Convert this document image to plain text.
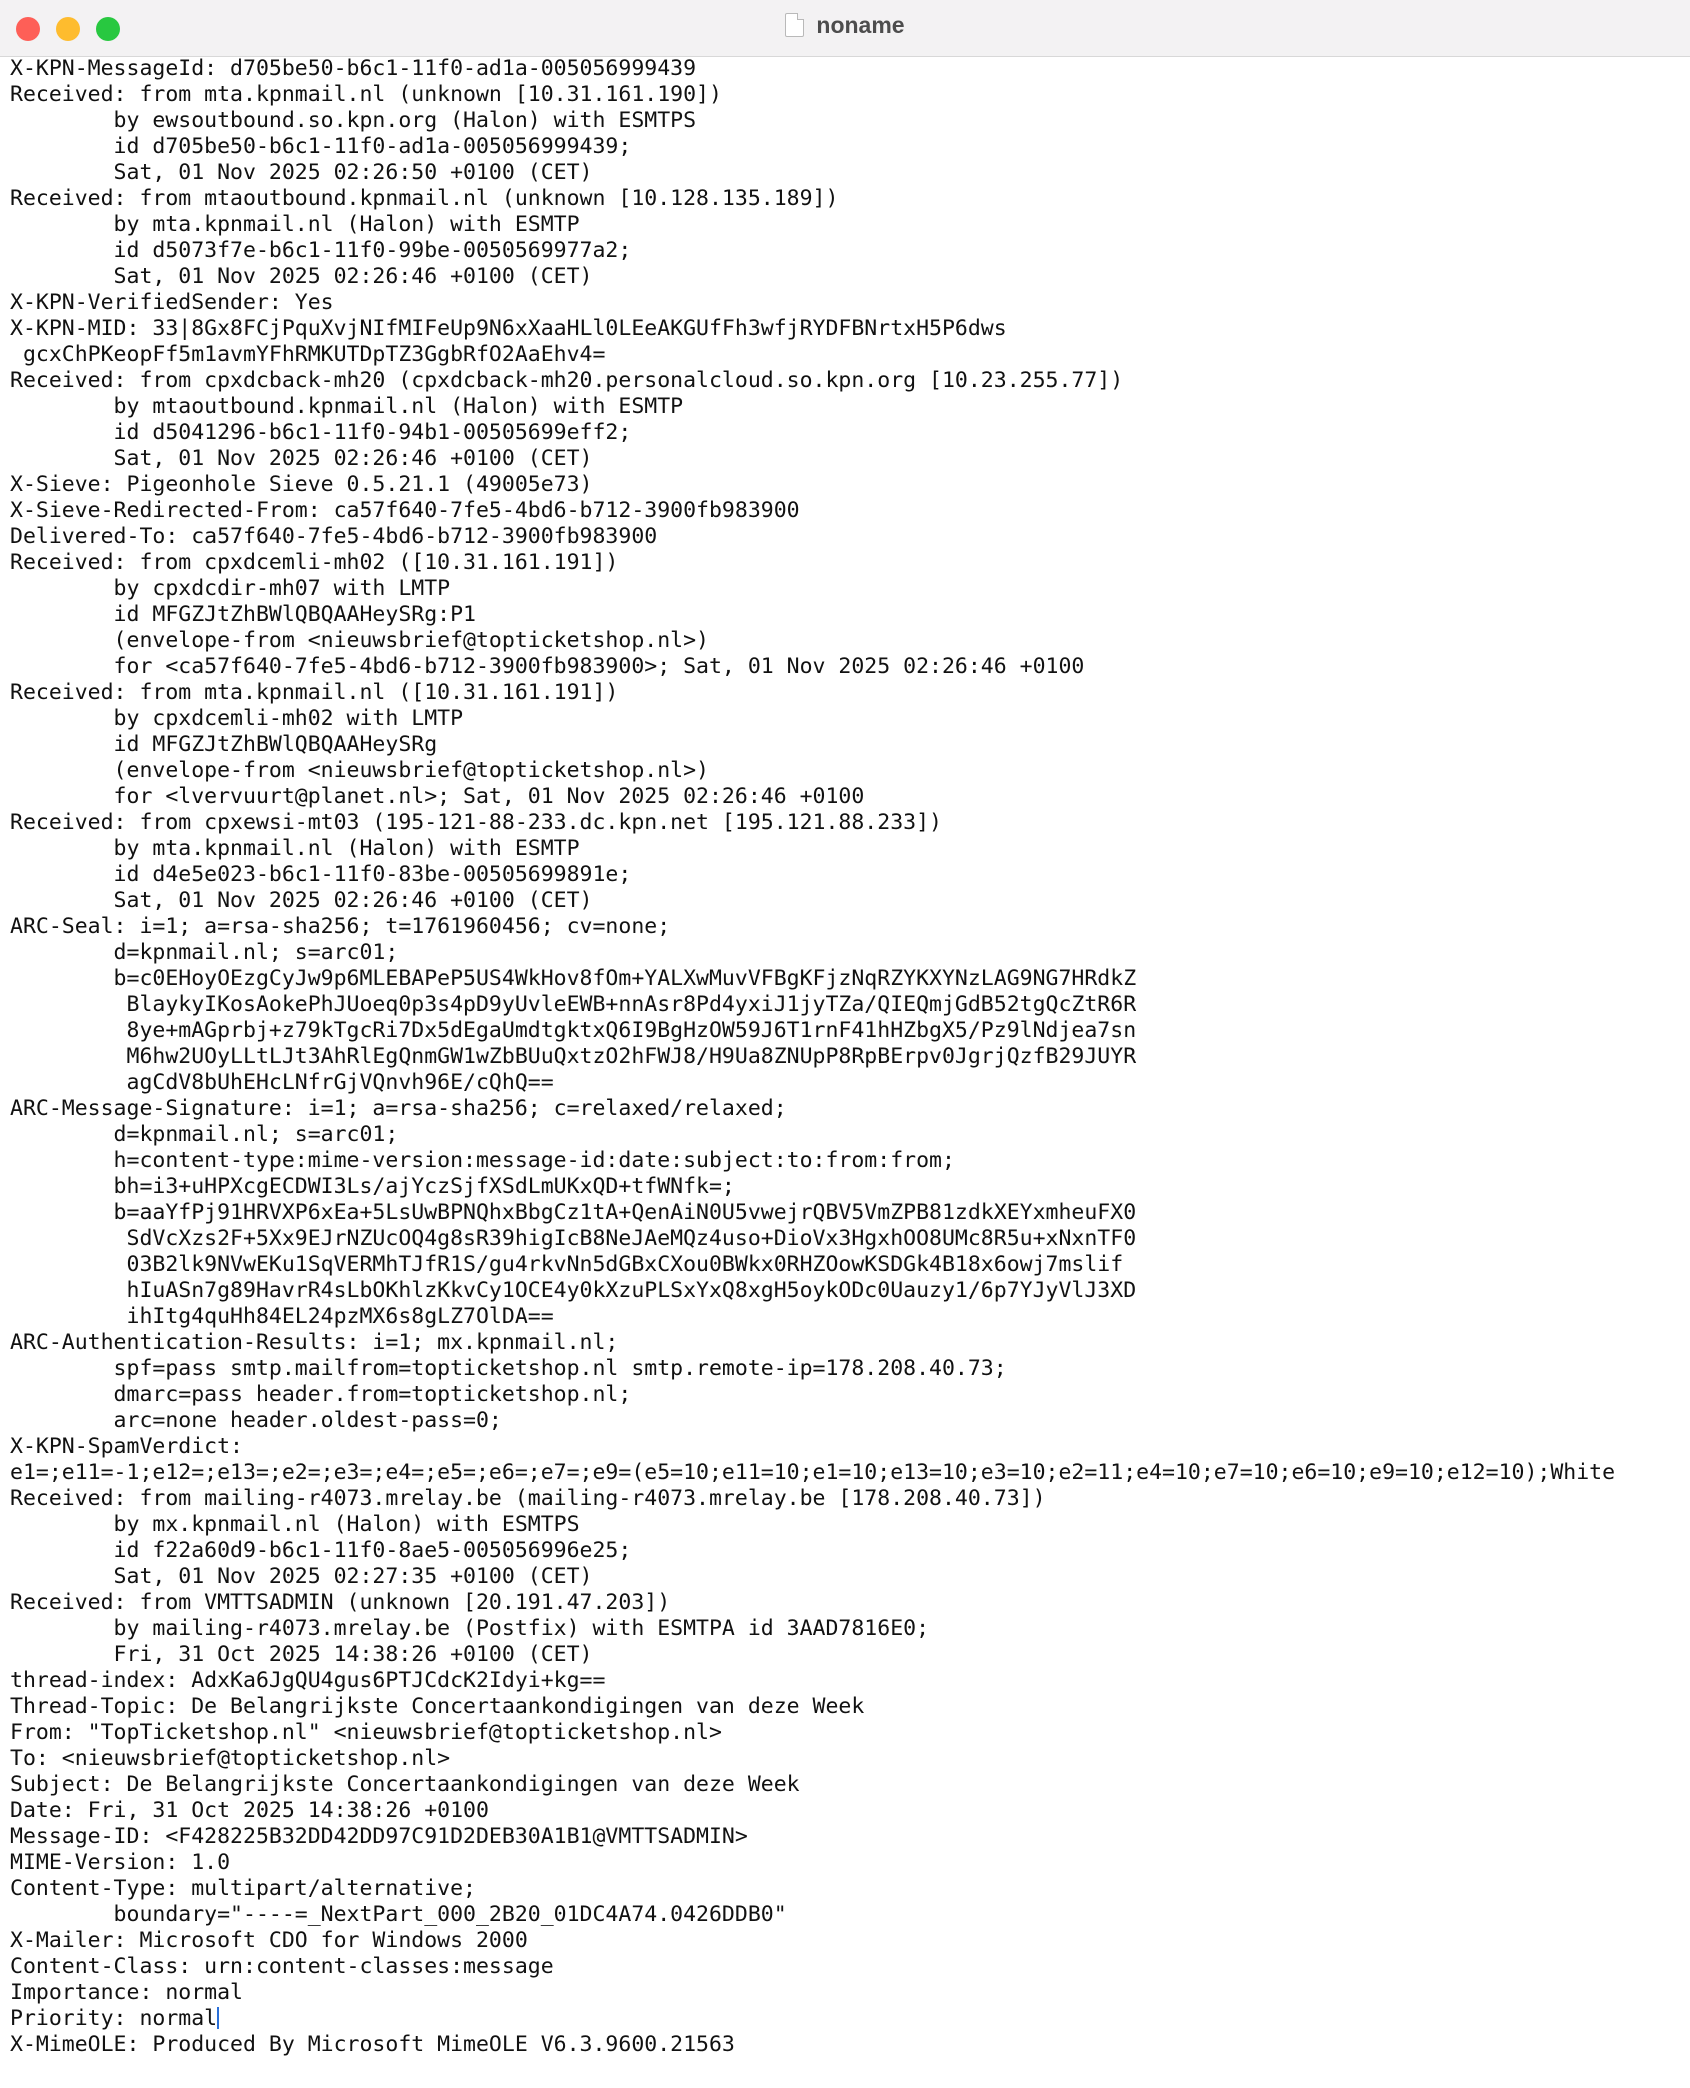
noname
X-KPN-MessageId: d705be50-b6c1-11f0-ad1a-005056999439
Received: from mta.kpnmail.nl (unknown [10.31.161.190])
by ewsoutbound.so.kpn.org (Halon) with ESMTPS
id d705be50-b6c1-11f0-ad1a-005056999439;
Sat, 01 Nov 2025 02:26:50 +0100 (CET)
Received: from mtaoutbound.kpnmail.nl (unknown [10.128.135.189])
by mta.kpnmail.nl (Halon) with ESMTP
id d5073f7e-b6c1-11f0-99be-0050569977a2;
Sat, 01 Nov 2025 02:26:46 +0100 (CET)
X-KPN-VerifiedSender: Yes
X-KPN-MID: 33|8Gx8FCjPquXvjNIfMIFeUp9N6xXaaHLl0LEeAKGUfFh3wfjRYDFBNrtxH5P6dws
gcxChPKeopFf5m1avmYFhRMKUTDpTZ3GgbRfO2AaEhv4=
Received: from cpxdcback-mh20 (cpxdcback-mh20.personalcloud.so.kpn.org [10.23.255.77])
by mtaoutbound.kpnmail.nl (Halon) with ESMTP
id d5041296-b6c1-11f0-94b1-00505699eff2;
Sat, 01 Nov 2025 02:26:46 +0100 (CET)
X-Sieve: Pigeonhole Sieve 0.5.21.1 (49005e73)
X-Sieve-Redirected-From: ca57f640-7fe5-4bd6-b712-3900fb983900
Delivered-To: ca57f640-7fe5-4bd6-b712-3900fb983900
Received: from cpxdcemli-mh02 ([10.31.161.191])
by cpxdcdir-mh07 with LMTP
id MFGZJtZhBWlQBQAAHeySRg:P1
(envelope-from <nieuwsbrief@topticketshop.nl>)
for <ca57f640-7fe5-4bd6-b712-3900fb983900>; Sat, 01 Nov 2025 02:26:46 +0100
Received: from mta.kpnmail.nl ([10.31.161.191])
by cpxdcemli-mh02 with LMTP
id MFGZJtZhBWlQBQAAHeySRg
(envelope-from <nieuwsbrief@topticketshop.nl>)
for <lvervuurt@planet.nl>; Sat, 01 Nov 2025 02:26:46 +0100
Received: from cpxewsi-mt03 (195-121-88-233.dc.kpn.net [195.121.88.233])
by mta.kpnmail.nl (Halon) with ESMTP
id d4e5e023-b6c1-11f0-83be-00505699891e;
Sat, 01 Nov 2025 02:26:46 +0100 (CET)
ARC-Seal: i=1; a=rsa-sha256; t=1761960456; cv=none;
d=kpnmail.nl; s=arc01;
b=c0EHoyOEzgCyJw9p6MLEBAPeP5US4WkHov8fOm+YALXwMuvVFBgKFjzNqRZYKXYNzLAG9NG7HRdkZ
BlaykyIKosAokePhJUoeq0p3s4pD9yUvleEWB+nnAsr8Pd4yxiJ1jyTZa/QIEQmjGdB52tgQcZtR6R
8ye+mAGprbj+z79kTgcRi7Dx5dEgaUmdtgktxQ6I9BgHzOW59J6T1rnF41hHZbgX5/Pz9lNdjea7sn
M6hw2UOyLLtLJt3AhRlEgQnmGW1wZbBUuQxtzO2hFWJ8/H9Ua8ZNUpP8RpBErpv0JgrjQzfB29JUYR
agCdV8bUhEHcLNfrGjVQnvh96E/cQhQ==
ARC-Message-Signature: i=1; a=rsa-sha256; c=relaxed/relaxed;
d=kpnmail.nl; s=arc01;
h=content-type:mime-version:message-id:date:subject:to:from:from;
bh=i3+uHPXcgECDWI3Ls/ajYczSjfXSdLmUKxQD+tfWNfk=;
b=aaYfPj91HRVXP6xEa+5LsUwBPNQhxBbgCz1tA+QenAiN0U5vwejrQBV5VmZPB81zdkXEYxmheuFX0
SdVcXzs2F+5Xx9EJrNZUcOQ4g8sR39higIcB8NeJAeMQz4uso+DioVx3HgxhOO8UMc8R5u+xNxnTF0
03B2lk9NVwEKu1SqVERMhTJfR1S/gu4rkvNn5dGBxCXou0BWkx0RHZOowKSDGk4B18x6owj7mslif
hIuASn7g89HavrR4sLbOKhlzKkvCy1OCE4y0kXzuPLSxYxQ8xgH5oykODc0Uauzy1/6p7YJyVlJ3XD
ihItg4quHh84EL24pzMX6s8gLZ7OlDA==
ARC-Authentication-Results: i=1; mx.kpnmail.nl;
spf=pass smtp.mailfrom=topticketshop.nl smtp.remote-ip=178.208.40.73;
dmarc=pass header.from=topticketshop.nl;
arc=none header.oldest-pass=0;
X-KPN-SpamVerdict:
e1=;e11=-1;e12=;e13=;e2=;e3=;e4=;e5=;e6=;e7=;e9=(e5=10;e11=10;e1=10;e13=10;e3=10;e2=11;e4=10;e7=10;e6=10;e9=10;e12=10);White
Received: from mailing-r4073.mrelay.be (mailing-r4073.mrelay.be [178.208.40.73])
by mx.kpnmail.nl (Halon) with ESMTPS
id f22a60d9-b6c1-11f0-8ae5-005056996e25;
Sat, 01 Nov 2025 02:27:35 +0100 (CET)
Received: from VMTTSADMIN (unknown [20.191.47.203])
by mailing-r4073.mrelay.be (Postfix) with ESMTPA id 3AAD7816E0;
Fri, 31 Oct 2025 14:38:26 +0100 (CET)
thread-index: AdxKa6JgQU4gus6PTJCdcK2Idyi+kg==
Thread-Topic: De Belangrijkste Concertaankondigingen van deze Week
From: "TopTicketshop.nl" <nieuwsbrief@topticketshop.nl>
To: <nieuwsbrief@topticketshop.nl>
Subject: De Belangrijkste Concertaankondigingen van deze Week
Date: Fri, 31 Oct 2025 14:38:26 +0100
Message-ID: <F428225B32DD42DD97C91D2DEB30A1B1@VMTTSADMIN>
MIME-Version: 1.0
Content-Type: multipart/alternative;
boundary="----=_NextPart_000_2B20_01DC4A74.0426DDB0"
X-Mailer: Microsoft CDO for Windows 2000
Content-Class: urn:content-classes:message
Importance: normal
Priority: normal
X-MimeOLE: Produced By Microsoft MimeOLE V6.3.9600.21563
